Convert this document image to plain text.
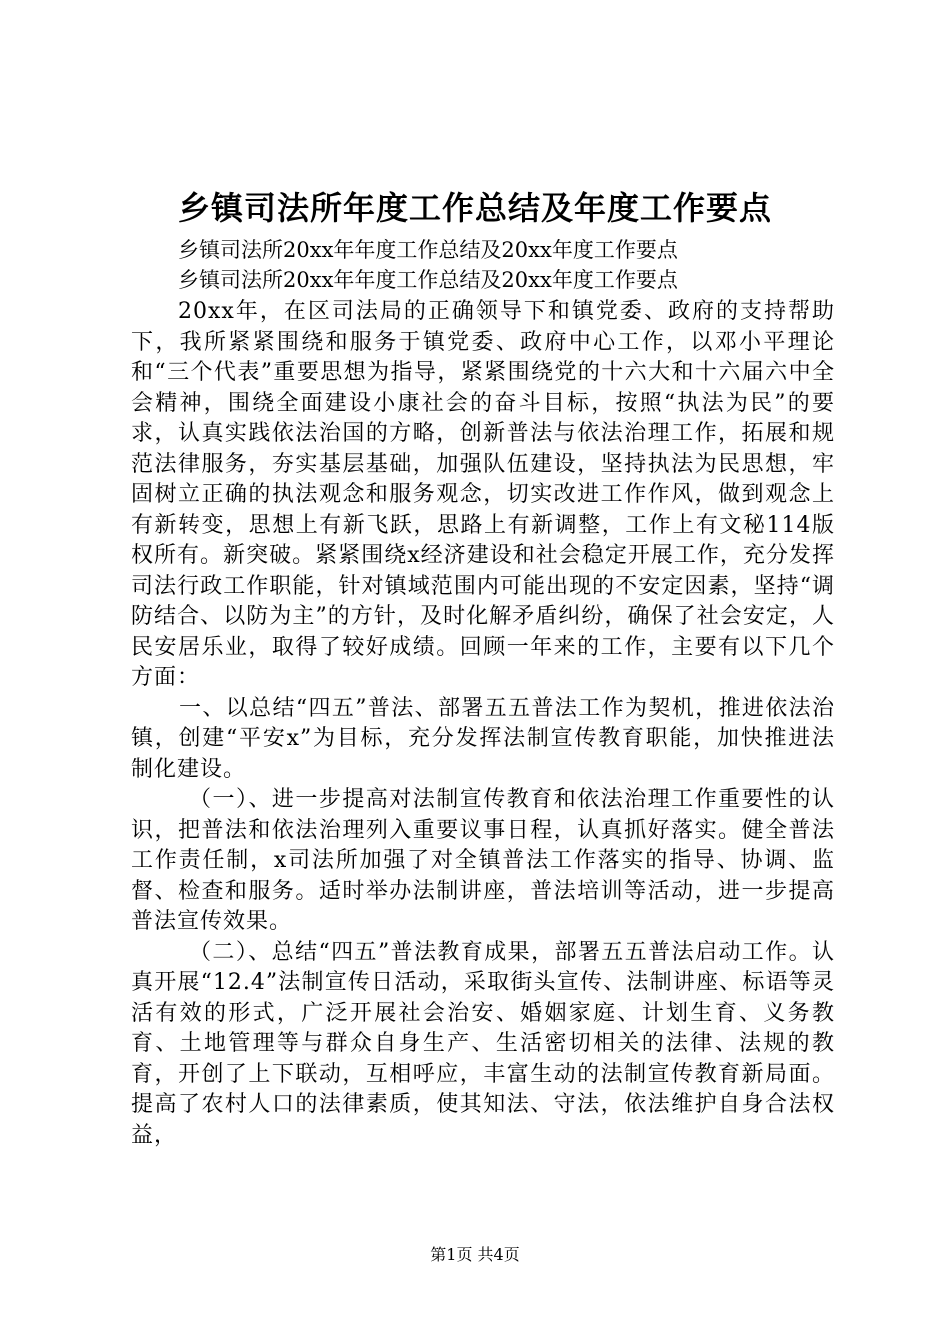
乡镇司法所年度工作总结及年度工作要点
乡镇司法所20xx年年度工作总结及20xx年度工作要点
乡镇司法所20xx年年度工作总结及20xx年度工作要点

20xx年，在区司法局的正确领导下和镇党委、政府的支持帮助下，我所紧紧围绕和服务于镇党委、政府中心工作，以邓小平理论和“三个代表”重要思想为指导，紧紧围绕党的十六大和十六届六中全会精神，围绕全面建设小康社会的奋斗目标，按照“执法为民”的要求，认真实践依法治国的方略，创新普法与依法治理工作，拓展和规范法律服务，夯实基层基础，加强队伍建设，坚持执法为民思想，牢固树立正确的执法观念和服务观念，切实改进工作作风，做到观念上有新转变，思想上有新飞跃，思路上有新调整，工作上有文秘114版权所有。新突破。紧紧围绕x经济建设和社会稳定开展工作，充分发挥司法行政工作职能，针对镇域范围内可能出现的不安定因素，坚持“调防结合、以防为主”的方针，及时化解矛盾纠纷，确保了社会安定，人民安居乐业，取得了较好成绩。回顾一年来的工作，主要有以下几个方面：

一、以总结“四五”普法、部署五五普法工作为契机，推进依法治镇，创建“平安x”为目标，充分发挥法制宣传教育职能，加快推进法制化建设。

（一）、进一步提高对法制宣传教育和依法治理工作重要性的认识，把普法和依法治理列入重要议事日程，认真抓好落实。健全普法工作责任制，x司法所加强了对全镇普法工作落实的指导、协调、监督、检查和服务。适时举办法制讲座，普法培训等活动，进一步提高普法宣传效果。

（二）、总结“四五”普法教育成果，部署五五普法启动工作。认真开展“12.4”法制宣传日活动，采取街头宣传、法制讲座、标语等灵活有效的形式，广泛开展社会治安、婚姻家庭、计划生育、义务教育、土地管理等与群众自身生产、生活密切相关的法律、法规的教育，开创了上下联动，互相呼应，丰富生动的法制宣传教育新局面。提高了农村人口的法律素质，使其知法、守法，依法维护自身合法权益，

第1页 共4页
